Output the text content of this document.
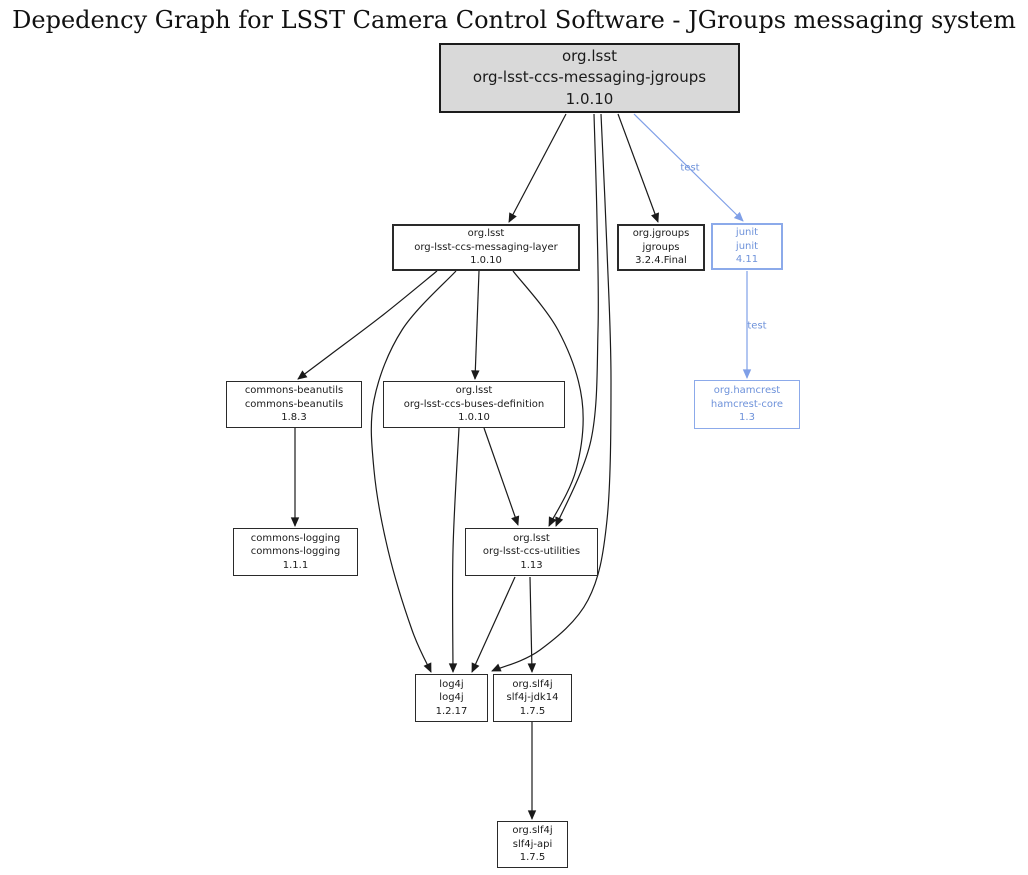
Depedency Graph for LSST Camera Control Software - JGroups messaging system
test
test
org.lsst
org-lsst-ccs-messaging-jgroups
1.0.10
org.lsst
org-lsst-ccs-messaging-layer
1.0.10
org.jgroups
jgroups
3.2.4.Final
junit
junit
4.11
org.hamcrest
hamcrest-core
1.3
commons-beanutils
commons-beanutils
1.8.3
org.lsst
org-lsst-ccs-buses-definition
1.0.10
commons-logging
commons-logging
1.1.1
org.lsst
org-lsst-ccs-utilities
1.13
log4j
log4j
1.2.17
org.slf4j
slf4j-jdk14
1.7.5
org.slf4j
slf4j-api
1.7.5
